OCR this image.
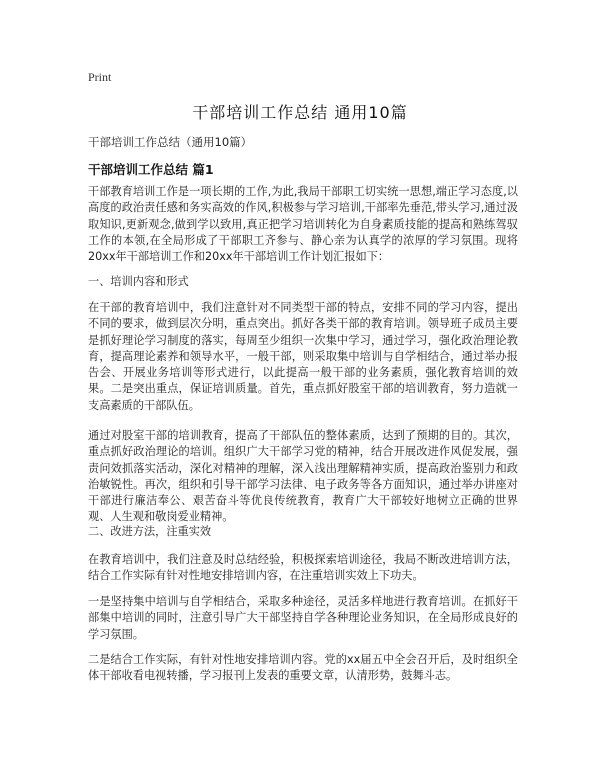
Print
干部培训工作总结 通用10篇
干部培训工作总结（通用10篇）
干部培训工作总结 篇1

干部教育培训工作是一项长期的工作,为此,我局干部职工切实统一思想,端正学习态度,以高度的政治责任感和务实高效的作风,积极参与学习培训,干部率先垂范,带头学习,通过汲取知识,更新观念,做到学以致用,真正把学习培训转化为自身素质技能的提高和熟练驾驭工作的本领,在全局形成了干部职工齐参与、静心亲为认真学的浓厚的学习氛围。现将20xx年干部培训工作和20xx年干部培训工作计划汇报如下：

一、培训内容和形式

在干部的教育培训中，我们注意针对不同类型干部的特点，安排不同的学习内容，提出不同的要求，做到层次分明，重点突出。抓好各类干部的教育培训。领导班子成员主要是抓好理论学习制度的落实，每周至少组织一次集中学习，通过学习，强化政治理论教育，提高理论素养和领导水平，一般干部，则采取集中培训与自学相结合，通过举办报告会、开展业务培训等形式进行，以此提高一般干部的业务素质，强化教育培训的效果。二是突出重点，保证培训质量。首先，重点抓好股室干部的培训教育，努力造就一支高素质的干部队伍。

通过对股室干部的培训教育，提高了干部队伍的整体素质，达到了预期的目的。其次，重点抓好政治理论的培训。组织广大干部学习党的精神，结合开展改进作风促发展，强责问效抓落实活动，深化对精神的理解，深入浅出理解精神实质，提高政治鉴别力和政治敏锐性。再次，组织和引导干部学习法律、电子政务等各方面知识，通过举办讲座对干部进行廉洁奉公、艰苦奋斗等优良传统教育，教育广大干部较好地树立正确的世界观、人生观和敬岗爱业精神。

二、改进方法，注重实效

在教育培训中，我们注意及时总结经验，积极探索培训途径，我局不断改进培训方法，结合工作实际有针对性地安排培训内容，在注重培训实效上下功夫。

一是坚持集中培训与自学相结合，采取多种途径，灵活多样地进行教育培训。在抓好干部集中培训的同时，注意引导广大干部坚持自学各种理论业务知识，在全局形成良好的学习氛围。

二是结合工作实际，有针对性地安排培训内容。党的xx届五中全会召开后，及时组织全体干部收看电视转播，学习报刊上发表的重要文章，认清形势，鼓舞斗志。
